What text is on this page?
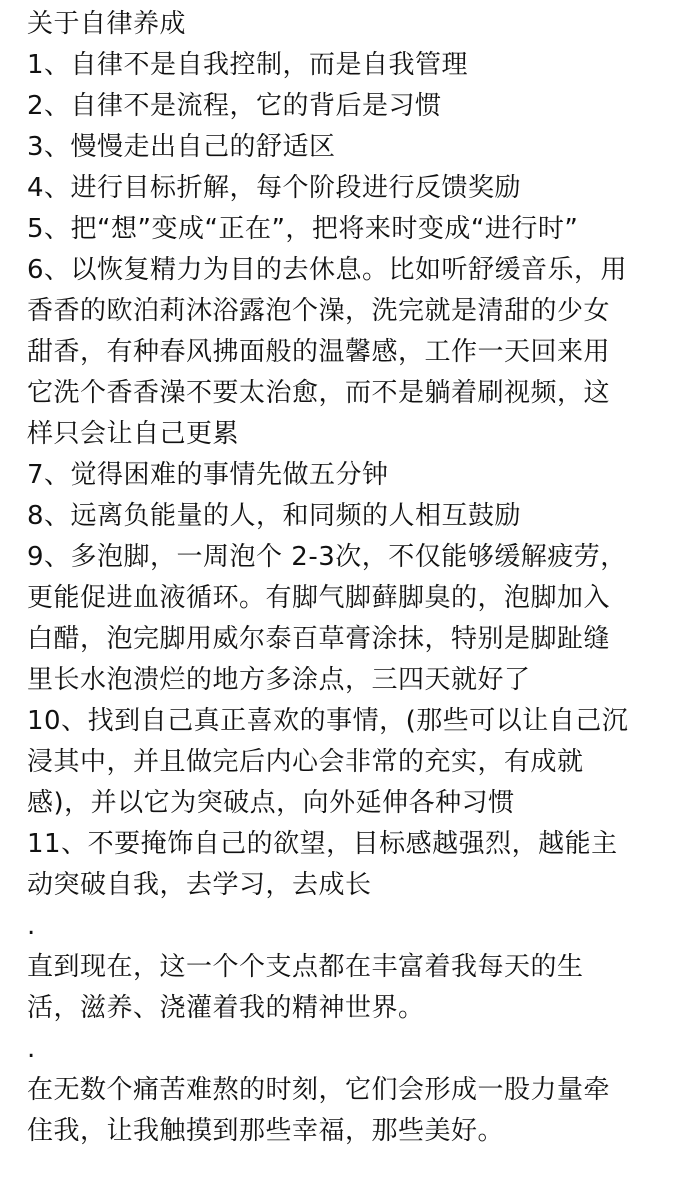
关于自律养成
1、自律不是自我控制，而是自我管理
2、自律不是流程，它的背后是习惯
3、慢慢走出自己的舒适区
4、进行目标折解，每个阶段进行反馈奖励
5、把“想”变成“正在”，把将来时变成“进行时”
6、以恢复精力为目的去休息。比如听舒缓音乐，用
香香的欧泊莉沐浴露泡个澡，洗完就是清甜的少女
甜香，有种春风拂面般的温馨感，工作一天回来用
它洗个香香澡不要太治愈，而不是躺着刷视频，这
样只会让自己更累
7、觉得困难的事情先做五分钟
8、远离负能量的人，和同频的人相互鼓励
9、多泡脚，一周泡个 2-3次，不仅能够缓解疲劳，
更能促进血液循环。有脚气脚藓脚臭的，泡脚加入
白醋，泡完脚用威尔泰百草膏涂抹，特别是脚趾缝
里长水泡溃烂的地方多涂点，三四天就好了
10、找到自己真正喜欢的事情，(那些可以让自己沉
浸其中，并且做完后内心会非常的充实，有成就
感)，并以它为突破点，向外延伸各种习惯
11、不要掩饰自己的欲望，目标感越强烈，越能主
动突破自我，去学习，去成长
.
直到现在，这一个个支点都在丰富着我每天的生
活，滋养、浇灌着我的精神世界。
.
在无数个痛苦难熬的时刻，它们会形成一股力量牵
住我，让我触摸到那些幸福，那些美好。
